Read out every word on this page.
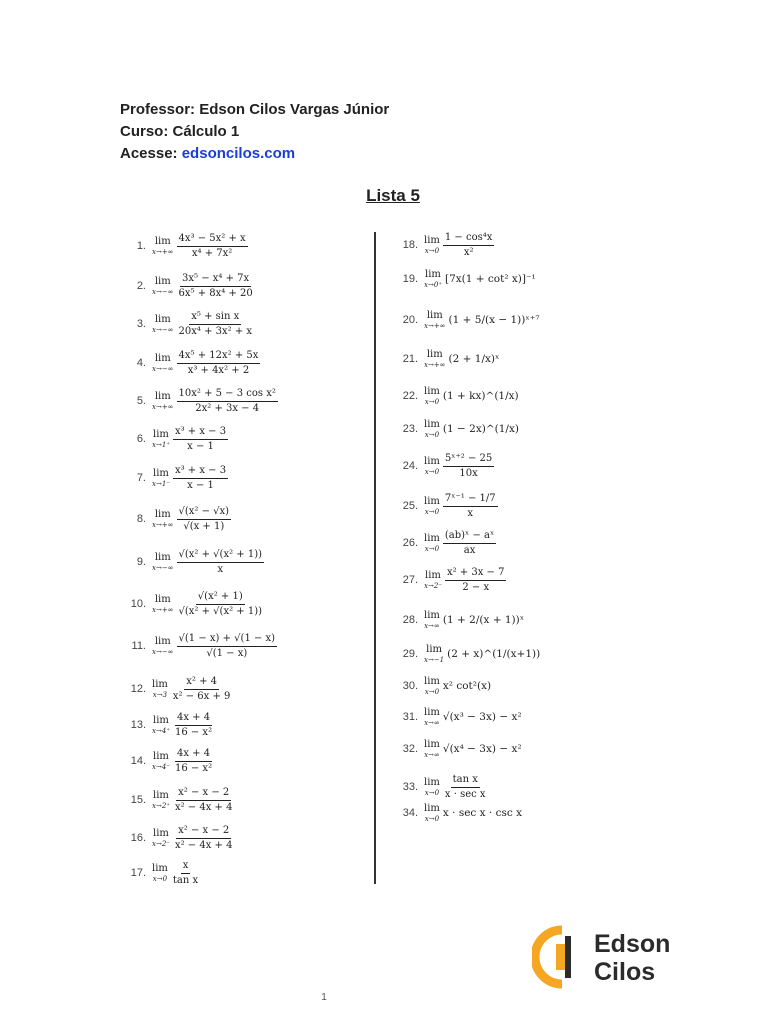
Professor: Edson Cilos Vargas Júnior
Curso: Cálculo 1
Acesse: edsoncilos.com
Lista 5
1. lim
$x\to+\infty \frac{\text{4x³ − 5x² + x}}{\text{x⁴ + 7x²}}$
2. lim
$x\to-\infty \frac{\text{3x⁵ − x⁴ + 7x}}{\text{6x⁵ + 8x⁴ + 20}}$
3. lim
$x\to-\infty \frac{\text{x⁵ + sin x}}{\text{20x⁴ + 3x² + x}}$
4. lim
$x\to-\infty \frac{\text{4x⁵ + 12x² + 5x}}{\text{x³ + 4x² + 2}}$
5. lim
$x\to+\infty \frac{\text{10x² + 5 − 3 cos x²}}{\text{2x² + 3x − 4}}$
6. lim
$x\to 1^+ \frac{\text{x³ + x − 3}}{x - 1}$
7. lim
$x\to 1^- \frac{\text{x³ + x − 3}}{x - 1}$
8. lim
$x\to+\infty \frac{\text{√(x² − √x)}}{√(x + 1)}$
9. lim
$x\to-\infty \frac{\text{√(x² + √(x² + 1))}}{x}$
10. lim
$x\to+\infty \frac{\text{√(x² + 1)}}{\text{√(x² + √(x² + 1))}}$
11. lim
$x\to-\infty \frac{√(1 - x) + √(1 - x)}{√(1 - x)}$
12. lim
$x\to 3 \frac{\text{x² + 4}}{\text{x² − 6x + 9}}$
13. lim
$x\to 4^+ \frac{4x + 4}{\text{16 − x²}}$
14. lim
$x\to 4^- \frac{4x + 4}{\text{16 − x²}}$
15. lim
$x\to 2^+ \frac{\text{x² − x − 2}}{\text{x² − 4x + 4}}$
16. lim
$x\to 2^- \frac{\text{x² − x − 2}}{\text{x² − 4x + 4}}$
17. lim
$x\to 0 \frac{x}{\text{tan x}}$
18. lim
$x\to 0 \frac{\text{1 − cos⁴x}}{\text{x²}}$
19. lim
x→0⁺ [7x(1 + cot² x)]⁻¹
20. lim
x→+∞ (1 + 5/(x − 1))ˣ⁺⁷
21. lim
x→+∞ (2 + 1/x)ˣ
22. lim
x→0 (1 + kx)^(1/x)
23. lim
x→0 (1 − 2x)^(1/x)
24. lim
$x\to 0 \frac{\text{5ˣ⁺² − 25}}{10x}$
25. lim
$x\to 0 \frac{\text{7ˣ⁻¹ − 1/7}}{x}$
26. lim
$x\to 0 \frac{\text{(ab)ˣ − aˣ}}{ax}$
27. lim
$x\to 2^- \frac{\text{x² + 3x − 7}}{2 - x}$
28. lim
x→∞ (1 + 2/(x + 1))ˣ
29. lim
x→−1 (2 + x)^(1/(x+1))
30. lim
x→0 x² cot²(x)
31. lim
x→∞ √(x³ − 3x) − x²
32. lim
x→∞ √(x⁴ − 3x) − x²
33. lim
$x\to 0 \frac{\text{tan x}}{\text{x · sec x}}$
34. lim
x→0 x · sec x · csc x
Edson
Cilos
1
